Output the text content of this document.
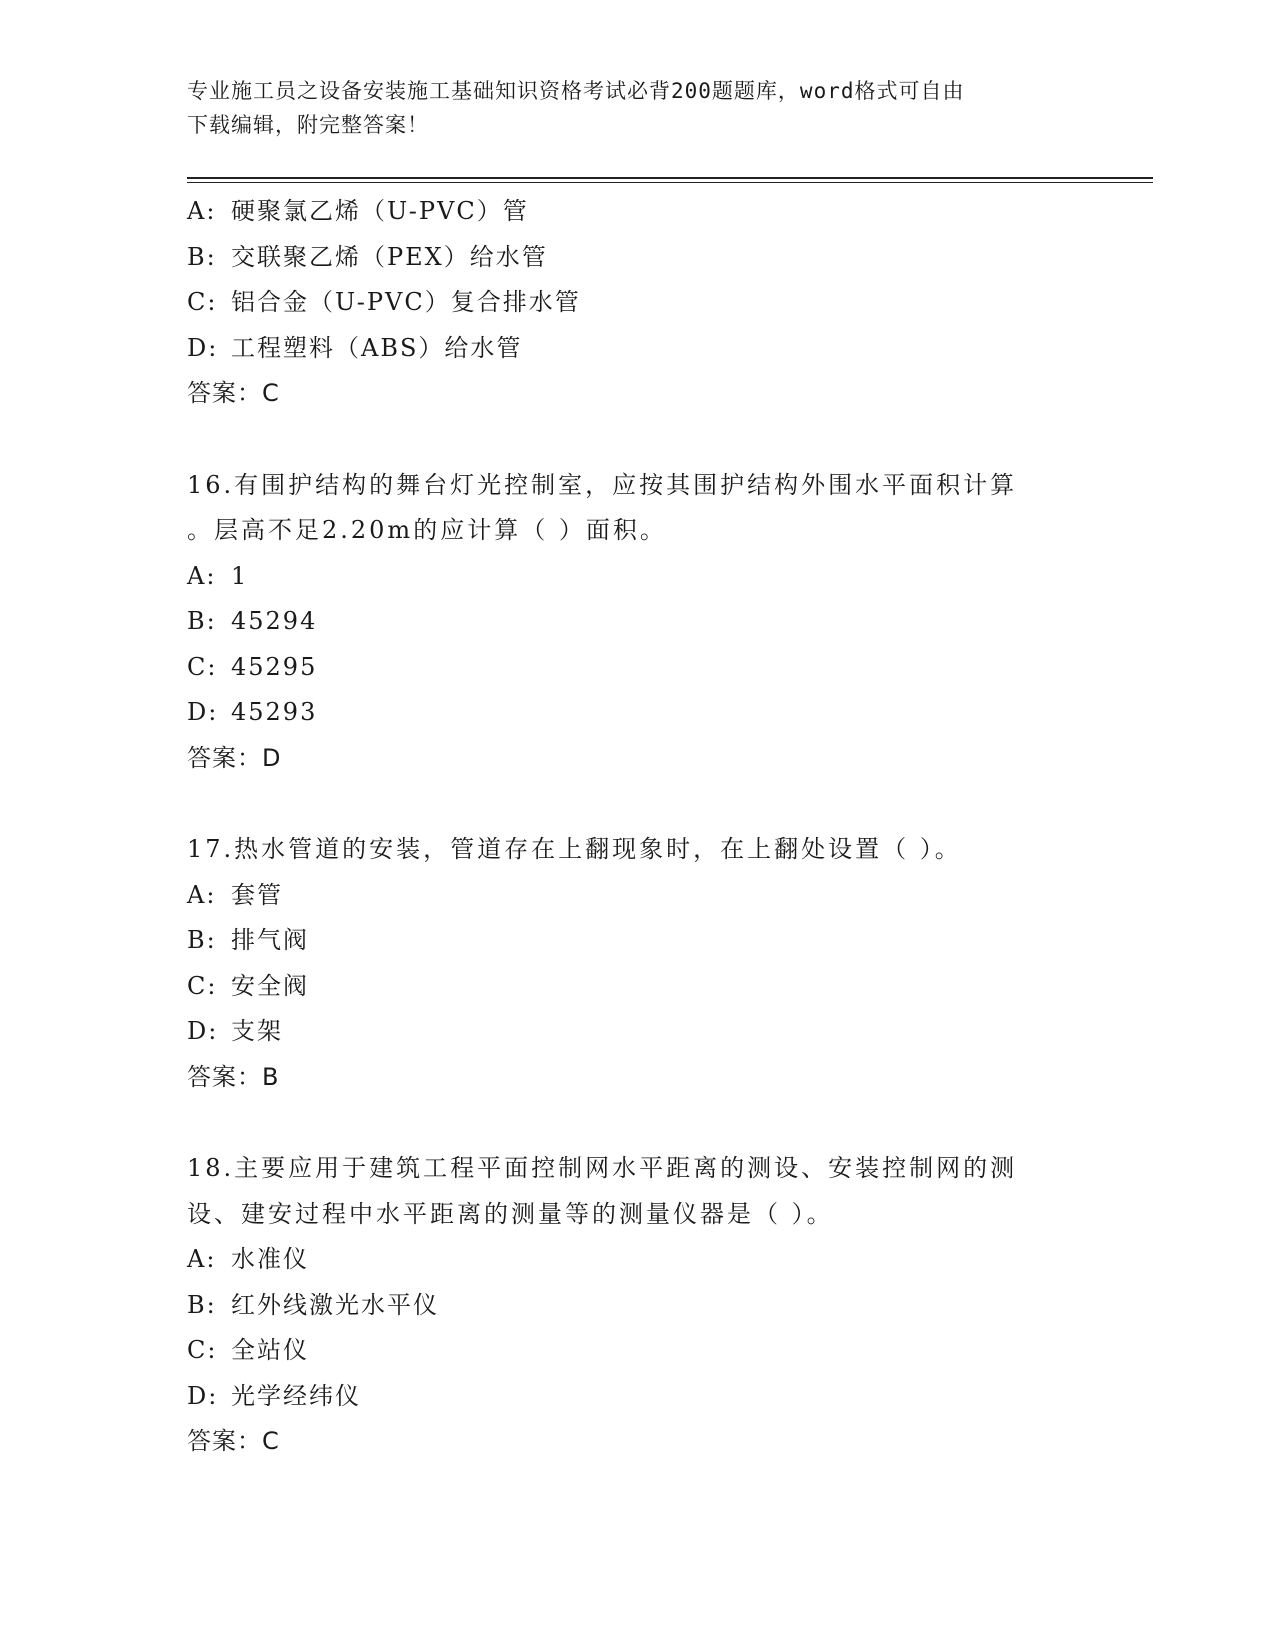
专业施工员之设备安装施工基础知识资格考试必背200题题库，word格式可自由
下载编辑，附完整答案！
A: 硬聚氯乙烯（U-PVC）管
B: 交联聚乙烯（PEX）给水管
C: 铝合金（U-PVC）复合排水管
D: 工程塑料（ABS）给水管
答案：C
16.有围护结构的舞台灯光控制室，应按其围护结构外围水平面积计算
。层高不足2.20m的应计算（ ）面积。
A: 1
B: 45294
C: 45295
D: 45293
答案：D
17.热水管道的安装，管道存在上翻现象时，在上翻处设置（ ）。
A: 套管
B: 排气阀
C: 安全阀
D: 支架
答案：B
18.主要应用于建筑工程平面控制网水平距离的测设、安装控制网的测
设、建安过程中水平距离的测量等的测量仪器是（ ）。
A: 水准仪
B: 红外线激光水平仪
C: 全站仪
D: 光学经纬仪
答案：C
